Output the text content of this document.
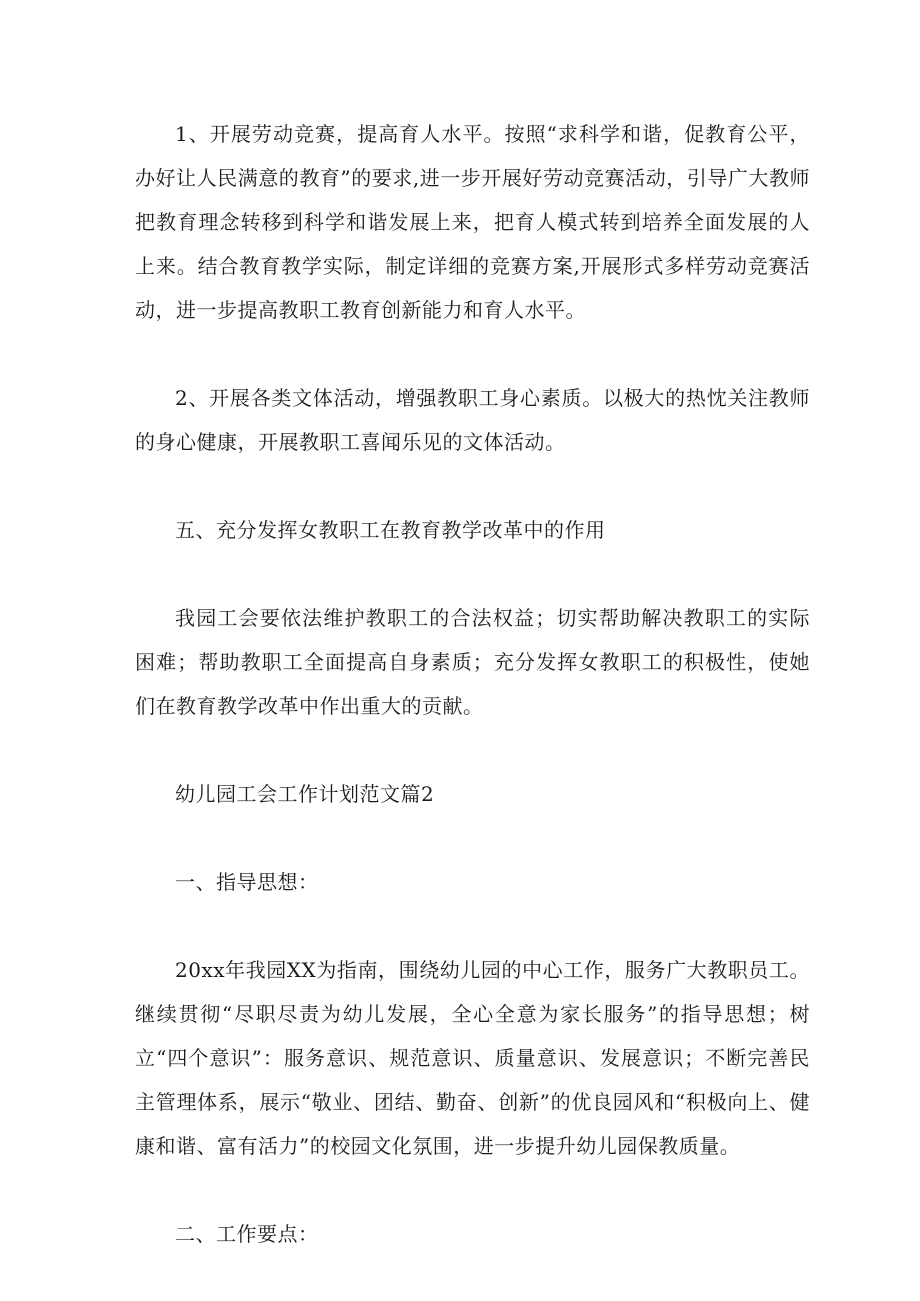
1、开展劳动竞赛，提高育人水平。按照“求科学和谐，促教育公平，办好让人民满意的教育”的要求,进一步开展好劳动竞赛活动，引导广大教师把教育理念转移到科学和谐发展上来，把育人模式转到培养全面发展的人上来。结合教育教学实际，制定详细的竞赛方案,开展形式多样劳动竞赛活动，进一步提高教职工教育创新能力和育人水平。

2、开展各类文体活动，增强教职工身心素质。以极大的热忱关注教师的身心健康，开展教职工喜闻乐见的文体活动。

五、充分发挥女教职工在教育教学改革中的作用

我园工会要依法维护教职工的合法权益；切实帮助解决教职工的实际困难；帮助教职工全面提高自身素质；充分发挥女教职工的积极性，使她们在教育教学改革中作出重大的贡献。

幼儿园工会工作计划范文篇2

一、指导思想：

20xx年我园XX为指南，围绕幼儿园的中心工作，服务广大教职员工。继续贯彻“尽职尽责为幼儿发展，全心全意为家长服务”的指导思想；树立“四个意识”：服务意识、规范意识、质量意识、发展意识；不断完善民主管理体系，展示“敬业、团结、勤奋、创新”的优良园风和“积极向上、健康和谐、富有活力”的校园文化氛围，进一步提升幼儿园保教质量。

二、工作要点：
